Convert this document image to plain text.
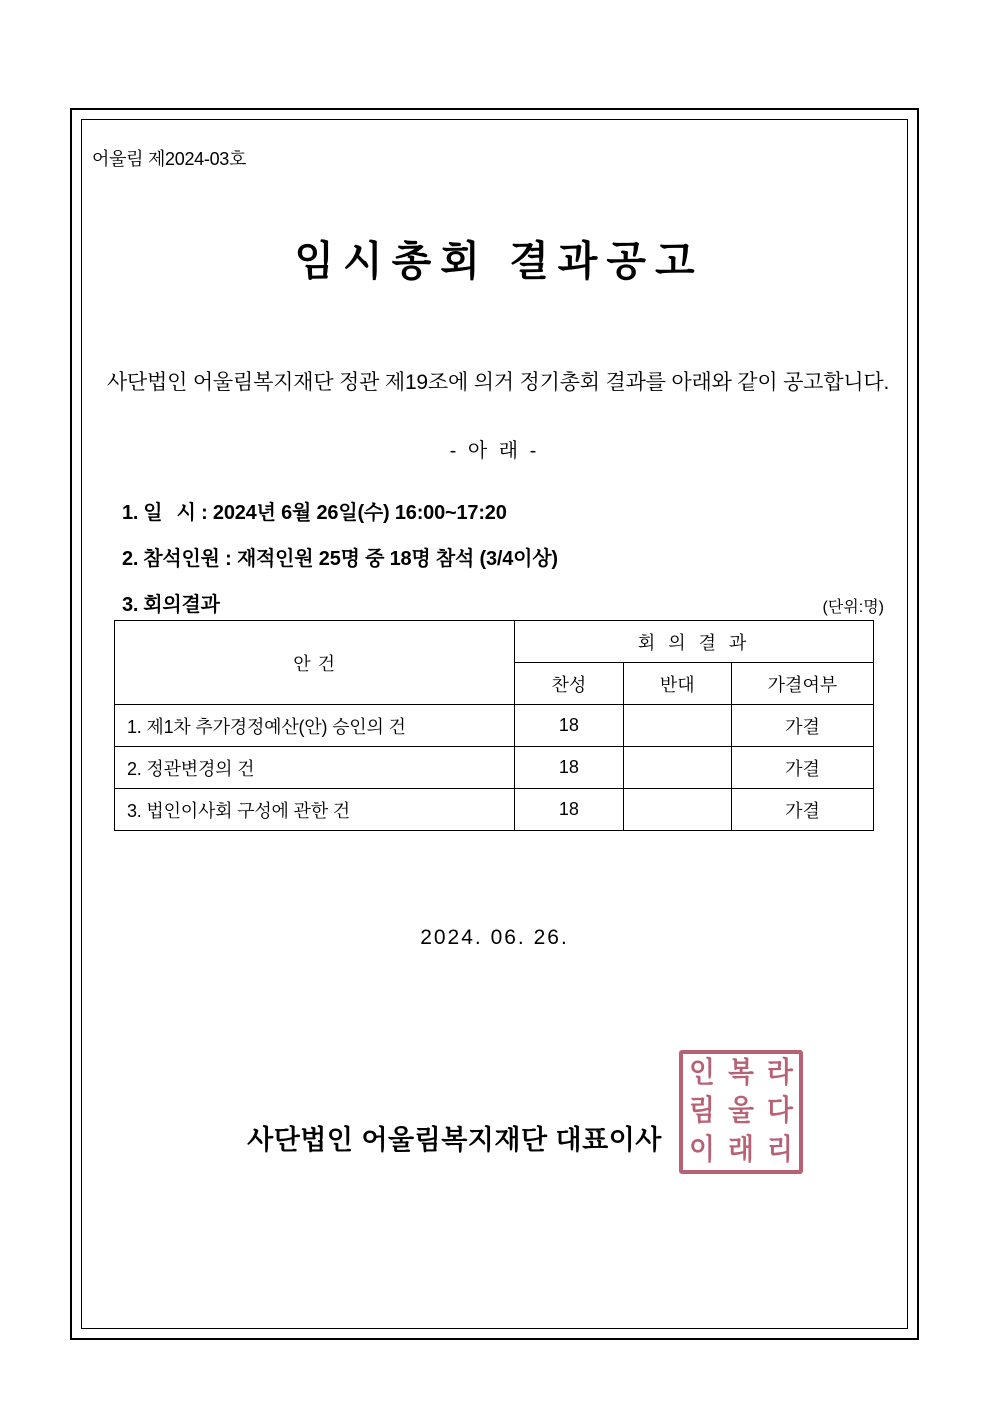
어울림 제2024-03호
임시총회 결과공고
사단법인 어울림복지재단 정관 제19조에 의거 정기총회 결과를 아래와 같이 공고합니다.
- 아 래 -
1. 일시 : 2024년 6월 26일(수) 16:00~17:20
2. 참석인원 : 재적인원 25명 중 18명 참석 (3/4이상)
3. 회의결과	(단위:명)
안 건	회 의 결 과		
	찬성	반대	가결여부
1. 제1차 추가경정예산(안) 승인의 건	18		가결
2. 정관변경의 건	18		가결
3. 법인이사회 구성에 관한 건	18		가결
2024. 06. 26.
사단법인 어울림복지재단 대표이사
인 복 라
림 울 다
이 래 리
